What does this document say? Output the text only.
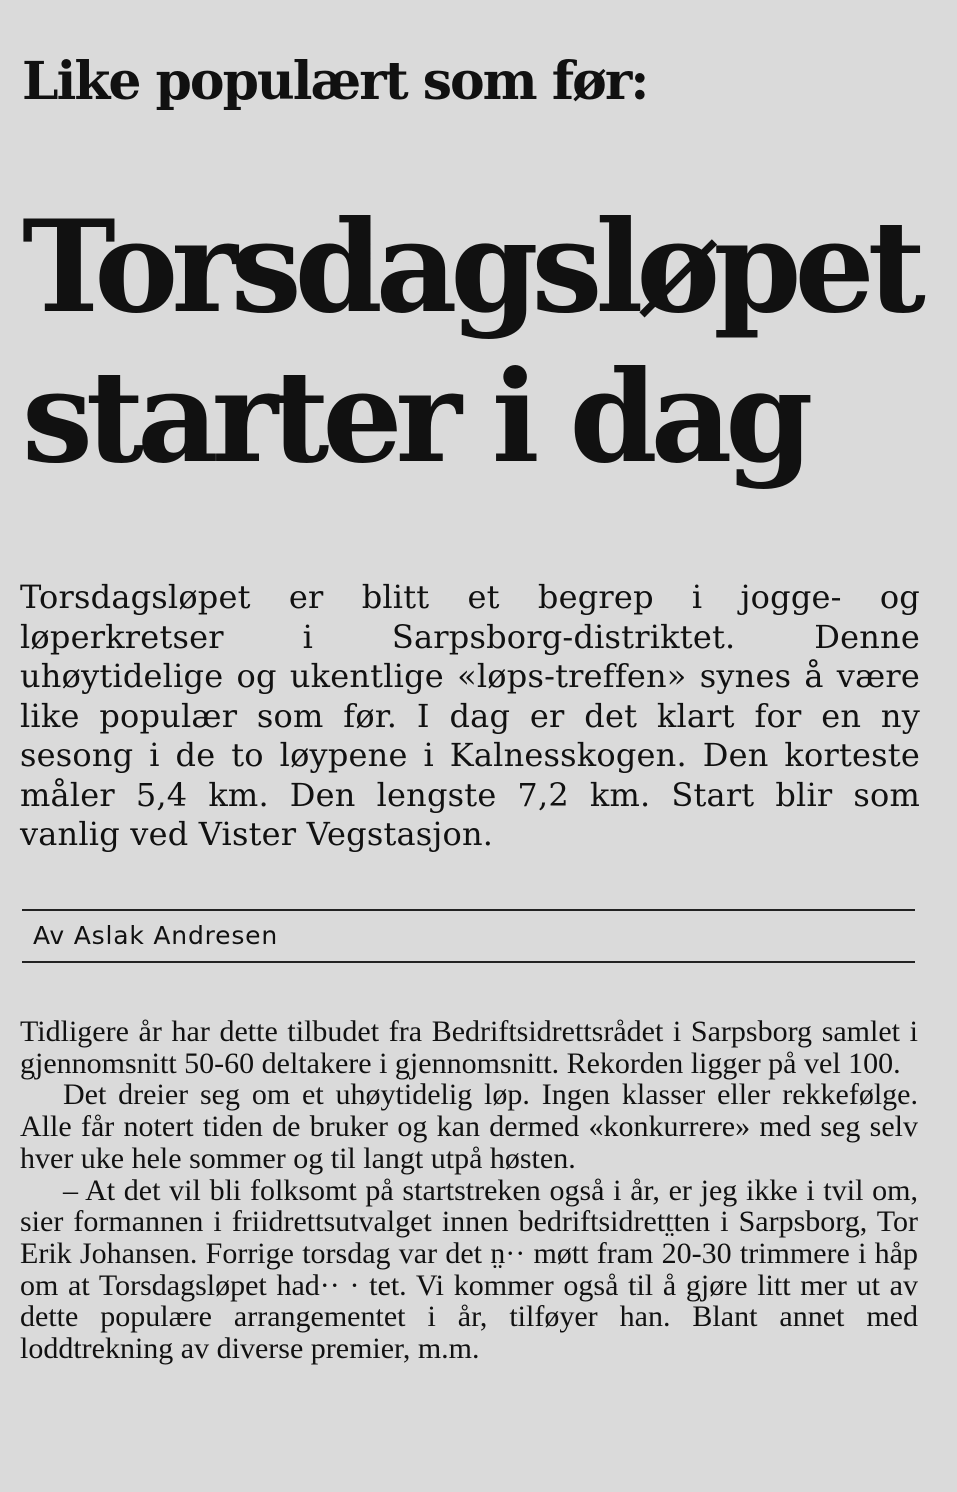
Like populært som før:
Torsdagsløpet
starter i dag

Torsdagsløpet er blitt et begrep i jogge- og løperkretser i Sarpsborg-distriktet. Denne uhøytidelige og ukentlige «løps-treffen» synes å være like populær som før. I dag er det klart for en ny sesong i de to løypene i Kalnesskogen. Den korteste måler 5,4 km. Den lengste 7,2 km. Start blir som vanlig ved Vister Vegstasjon.

Av Aslak Andresen

Tidligere år har dette tilbudet fra Bedriftsidrettsrådet i Sarpsborg samlet i gjennomsnitt 50-60 deltakere i gjennomsnitt. Rekorden ligger på vel 100.

Det dreier seg om et uhøytidelig løp. Ingen klasser eller rekkefølge. Alle får notert tiden de bruker og kan dermed «konkurrere» med seg selv hver uke hele sommer og til langt utpå høsten.

– At det vil bli folksomt på startstreken også i år, er jeg ikke i tvil om, sier formannen i friidrettsutvalget innen bedriftsidrett̤ten i Sarpsborg, Tor Erik Johansen. Forrige torsdag var det n̤·· møtt fram 20-30 trimmere i håp om at Torsdagsløpet had·· · tet. Vi kommer også til å gjøre litt mer ut av dette populære arrangementet i år, tilføyer han. Blant annet med loddtrekning av diverse premier, m.m.
